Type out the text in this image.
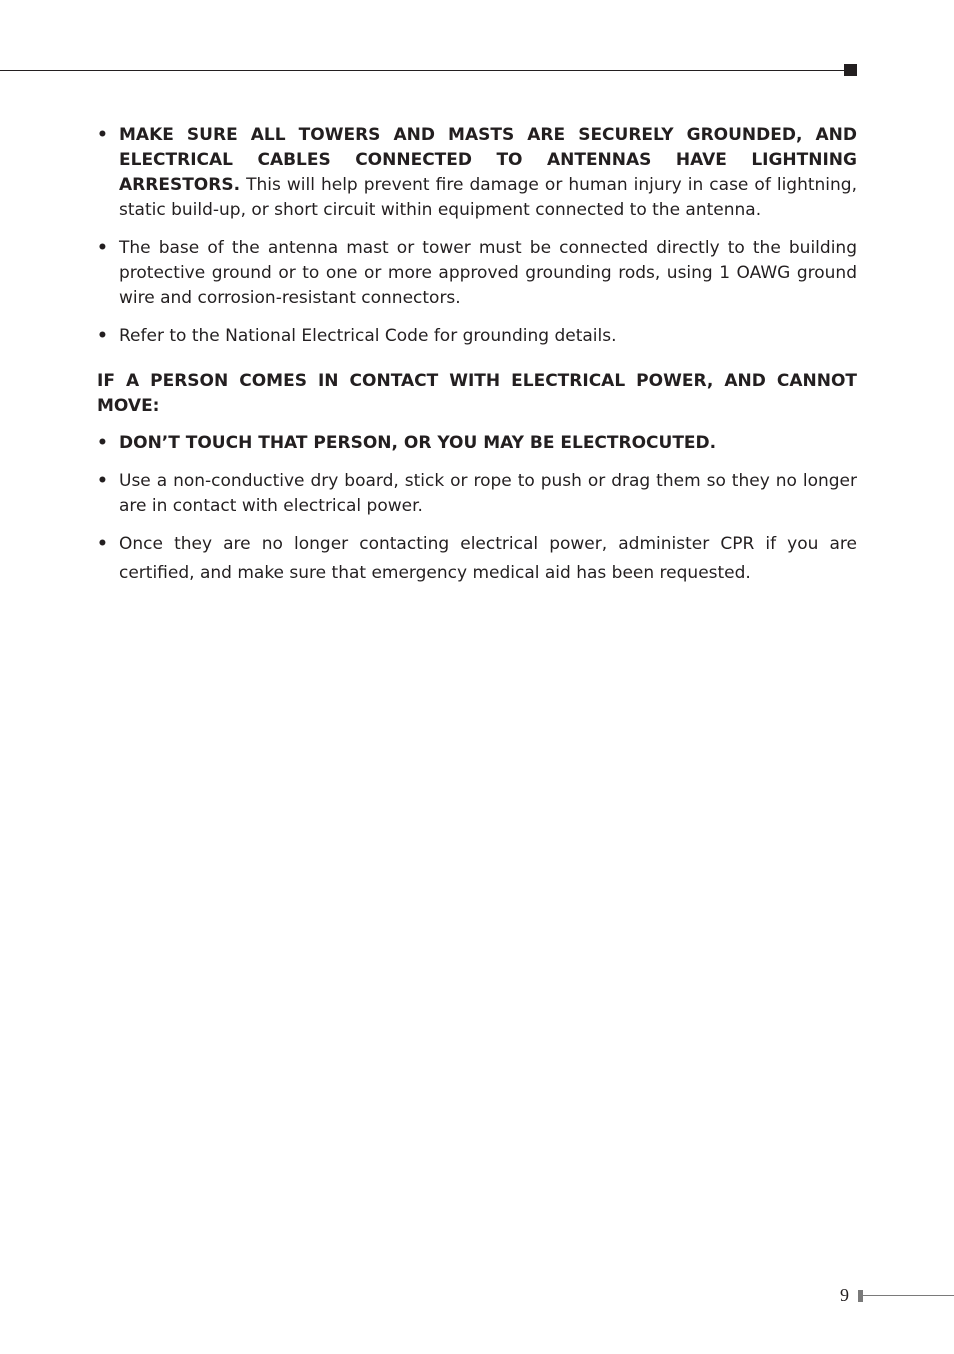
• MAKE SURE ALL TOWERS AND MASTS ARE SECURELY GROUNDED, AND ELECTRICAL CABLES CONNECTED TO ANTENNAS HAVE LIGHTNING ARRESTORS. This will help prevent fire damage or human injury in case of lightning, static build-up, or short circuit within equipment connected to the antenna.
• The base of the antenna mast or tower must be connected directly to the building protective ground or to one or more approved grounding rods, using 1 OAWG ground wire and corrosion-resistant connectors.
• Refer to the National Electrical Code for grounding details.
IF A PERSON COMES IN CONTACT WITH ELECTRICAL POWER, AND CANNOT MOVE:
• DON’T TOUCH THAT PERSON, OR YOU MAY BE ELECTROCUTED.
• Use a non-conductive dry board, stick or rope to push or drag them so they no longer are in contact with electrical power.
• Once they are no longer contacting electrical power, administer CPR if you are
certified, and make sure that emergency medical aid has been requested.
9
